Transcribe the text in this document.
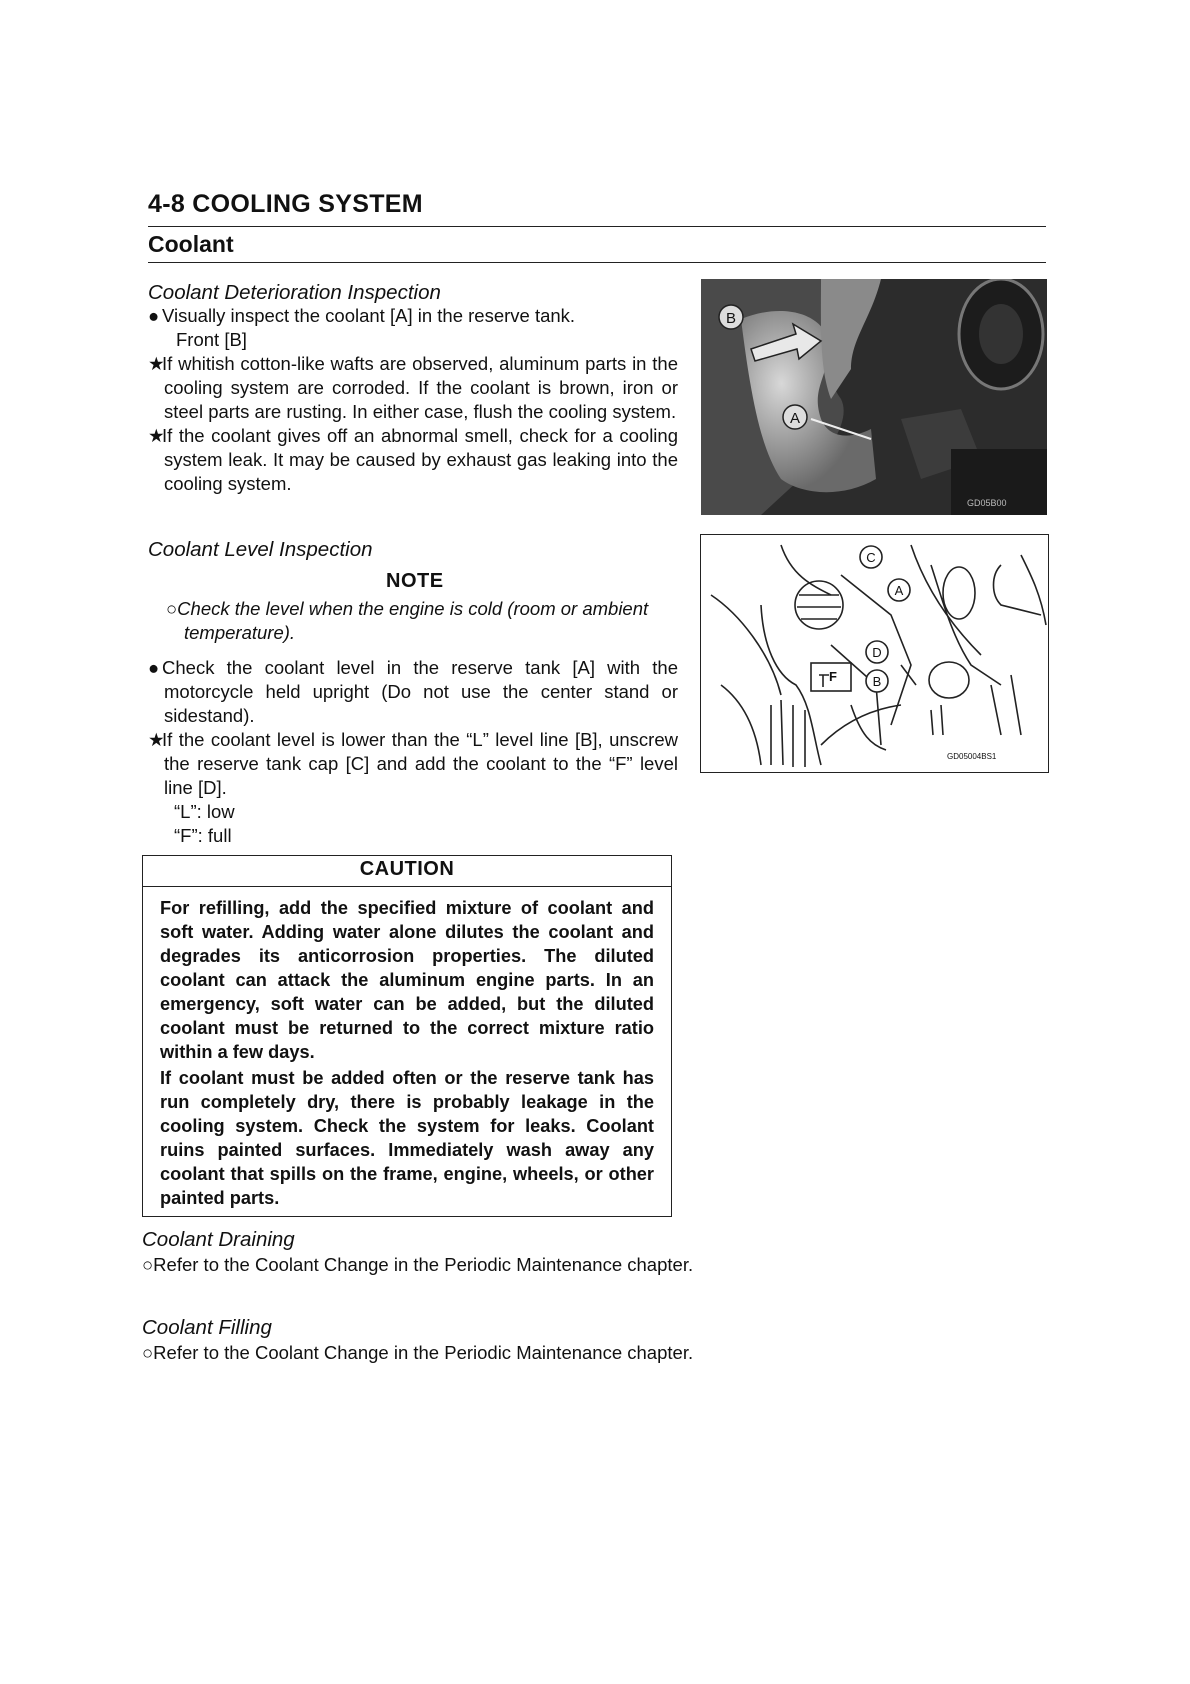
4-8 COOLING SYSTEM
Coolant
Coolant Deterioration Inspection
● Visually inspect the coolant [A] in the reserve tank.
Front [B]
★If whitish cotton-like wafts are observed, aluminum parts in the cooling system are corroded. If the coolant is brown, iron or steel parts are rusting. In either case, flush the cooling system.
★If the coolant gives off an abnormal smell, check for a cooling system leak. It may be caused by exhaust gas leaking into the cooling system.
Coolant Level Inspection
NOTE
○Check the level when the engine is cold (room or ambient temperature).
● Check the coolant level in the reserve tank [A] with the motorcycle held upright (Do not use the center stand or sidestand).
★If the coolant level is lower than the “L” level line [B], unscrew the reserve tank cap [C] and add the coolant to the “F” level line [D].
“L”: low
“F”: full
CAUTION
For refilling, add the specified mixture of coolant and soft water. Adding water alone dilutes the coolant and degrades its anticorrosion properties. The diluted coolant can attack the aluminum engine parts. In an emergency, soft water can be added, but the diluted coolant must be returned to the correct mixture ratio within a few days.
If coolant must be added often or the reserve tank has run completely dry, there is probably leakage in the cooling system. Check the system for leaks. Coolant ruins painted surfaces. Immediately wash away any coolant that spills on the frame, engine, wheels, or other painted parts.
Coolant Draining
○Refer to the Coolant Change in the Periodic Maintenance chapter.
Coolant Filling
○Refer to the Coolant Change in the Periodic Maintenance chapter.
B
A
GD05B00
C
A
D
B
F
GD05004BS1
